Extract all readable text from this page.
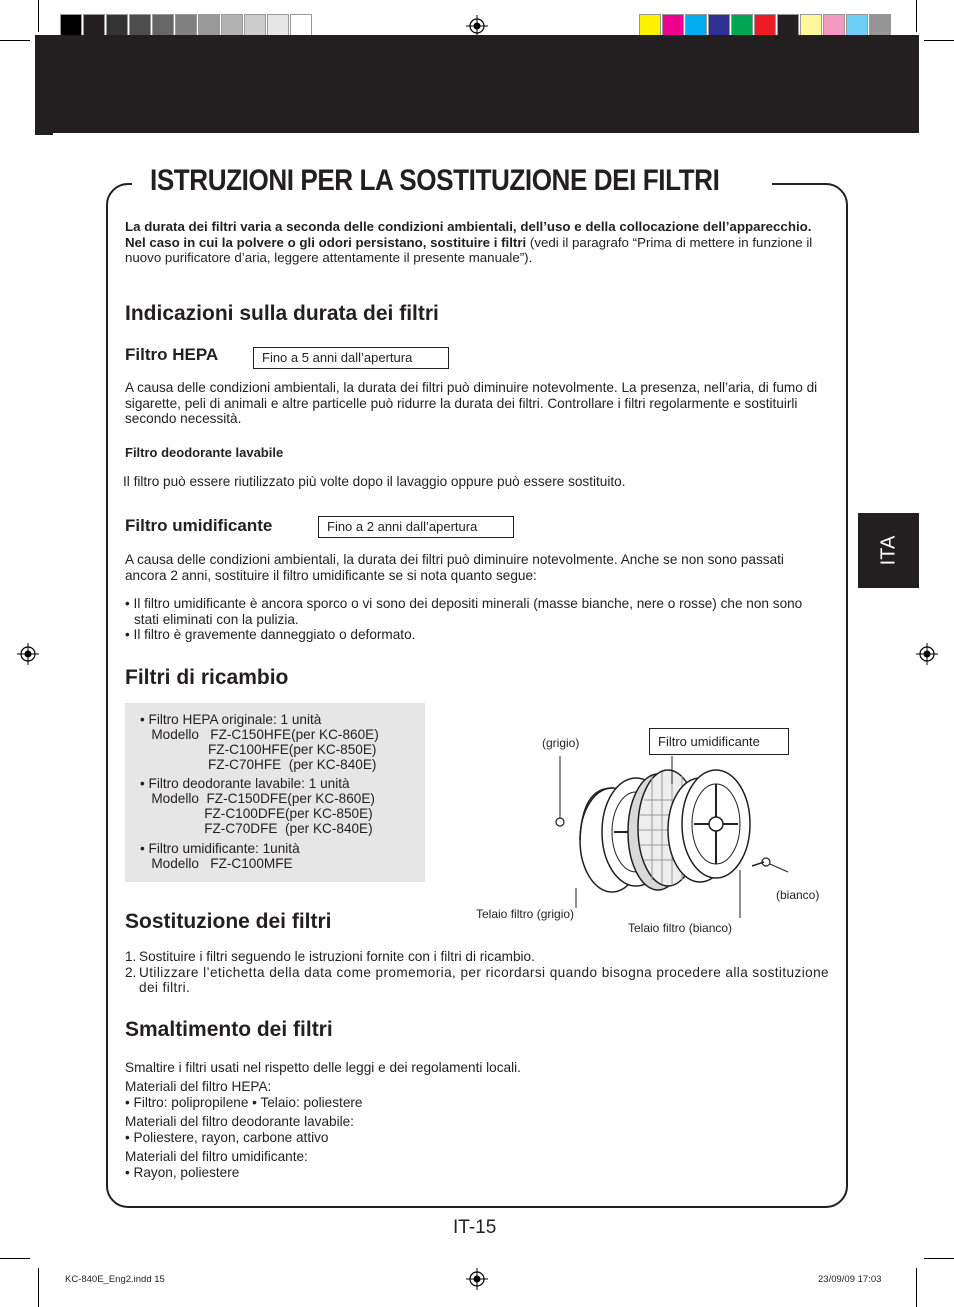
ISTRUZIONI PER LA SOSTITUZIONE DEI FILTRI
ITA
La durata dei filtri varia a seconda delle condizioni ambientali, dell’uso e della collocazione dell’apparecchio. Nel caso in cui la polvere o gli odori persistano, sostituire i filtri (vedi il paragrafo “Prima di mettere in funzione il nuovo purificatore d’aria, leggere attentamente il presente manuale”).
Indicazioni sulla durata dei filtri
Filtro HEPA	Fino a 5 anni dall’apertura
A causa delle condizioni ambientali, la durata dei filtri può diminuire notevolmente. La presenza, nell’aria, di fumo di sigarette, peli di animali e altre particelle può ridurre la durata dei filtri. Controllare i filtri regolarmente e sostituirli secondo necessità.
Filtro deodorante lavabile
Il filtro può essere riutilizzato più volte dopo il lavaggio oppure può essere sostituito.
Filtro umidificante	Fino a 2 anni dall’apertura
A causa delle condizioni ambientali, la durata dei filtri può diminuire notevolmente. Anche se non sono passati ancora 2 anni, sostituire il filtro umidificante se si nota quanto segue:
• Il filtro umidificante è ancora sporco o vi sono dei depositi minerali (masse bianche, nere o rosse) che non sono stati eliminati con la pulizia.
• Il filtro è gravemente danneggiato o deformato.
Filtri di ricambio
• Filtro HEPA originale: 1 unità
Modello   FZ-C150HFE(per KC-860E)
FZ-C100HFE(per KC-850E)
FZ-C70HFE  (per KC-840E)
• Filtro deodorante lavabile: 1 unità
Modello  FZ-C150DFE(per KC-860E)
FZ-C100DFE(per KC-850E)
FZ-C70DFE  (per KC-840E)
• Filtro umidificante: 1unità
Modello   FZ-C100MFE
(grigio)	Filtro umidificante
(bianco)
Telaio filtro (grigio)
Telaio filtro (bianco)
Sostituzione dei filtri
1. Sostituire i filtri seguendo le istruzioni fornite con i filtri di ricambio.
2. Utilizzare l’etichetta della data come promemoria, per ricordarsi quando bisogna procedere alla sostituzione dei filtri.
Smaltimento dei filtri
Smaltire i filtri usati nel rispetto delle leggi e dei regolamenti locali.
Materiali del filtro HEPA:
• Filtro: polipropilene • Telaio: poliestere
Materiali del filtro deodorante lavabile:
• Poliestere, rayon, carbone attivo
Materiali del filtro umidificante:
• Rayon, poliestere
IT-15
KC-840E_Eng2.indd 15	23/09/09 17:03
